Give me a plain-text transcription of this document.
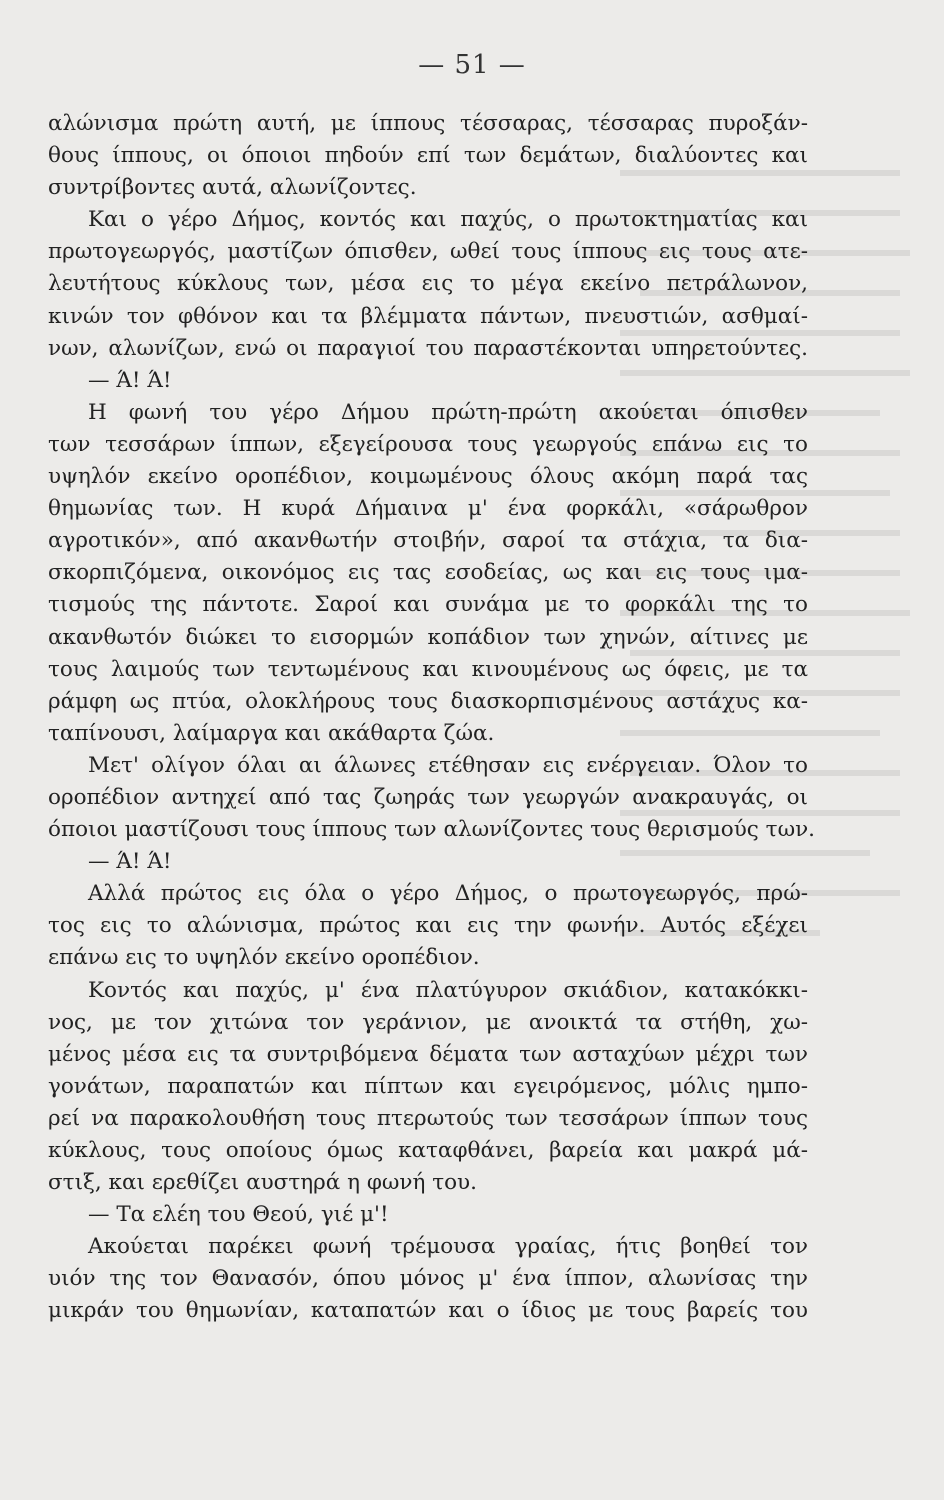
— 51 —
αλώνισμα πρώτη αυτή, με ίππους τέσσαρας, τέσσαρας πυροξάν-
θους ίππους, οι όποιοι πηδούν επί των δεμάτων, διαλύοντες και
συντρίβοντες αυτά, αλωνίζοντες.
Και ο γέρο Δήμος, κοντός και παχύς, ο πρωτοκτηματίας και
πρωτογεωργός, μαστίζων όπισθεν, ωθεί τους ίππους εις τους ατε-
λευτήτους κύκλους των, μέσα εις το μέγα εκείνο πετράλωνον,
κινών τον φθόνον και τα βλέμματα πάντων, πνευστιών, ασθμαί-
νων, αλωνίζων, ενώ οι παραγιοί του παραστέκονται υπηρετούντες.
— Ά! Ά!
Η φωνή του γέρο Δήμου πρώτη-πρώτη ακούεται όπισθεν
των τεσσάρων ίππων, εξεγείρουσα τους γεωργούς επάνω εις το
υψηλόν εκείνο οροπέδιον, κοιμωμένους όλους ακόμη παρά τας
θημωνίας των. Η κυρά Δήμαινα μ' ένα φορκάλι, «σάρωθρον
αγροτικόν», από ακανθωτήν στοιβήν, σαροί τα στάχια, τα δια-
σκορπιζόμενα, οικονόμος εις τας εσοδείας, ως και εις τους ιμα-
τισμούς της πάντοτε. Σαροί και συνάμα με το φορκάλι της το
ακανθωτόν διώκει το εισορμών κοπάδιον των χηνών, αίτινες με
τους λαιμούς των τεντωμένους και κινουμένους ως όφεις, με τα
ράμφη ως πτύα, ολοκλήρους τους διασκορπισμένους αστάχυς κα-
ταπίνουσι, λαίμαργα και ακάθαρτα ζώα.
Μετ' ολίγον όλαι αι άλωνες ετέθησαν εις ενέργειαν. Όλον το
οροπέδιον αντηχεί από τας ζωηράς των γεωργών ανακραυγάς, οι
όποιοι μαστίζουσι τους ίππους των αλωνίζοντες τους θερισμούς των.
— Ά! Ά!
Αλλά πρώτος εις όλα ο γέρο Δήμος, ο πρωτογεωργός, πρώ-
τος εις το αλώνισμα, πρώτος και εις την φωνήν. Αυτός εξέχει
επάνω εις το υψηλόν εκείνο οροπέδιον.
Κοντός και παχύς, μ' ένα πλατύγυρον σκιάδιον, κατακόκκι-
νος, με τον χιτώνα τον γεράνιον, με ανοικτά τα στήθη, χω-
μένος μέσα εις τα συντριβόμενα δέματα των ασταχύων μέχρι των
γονάτων, παραπατών και πίπτων και εγειρόμενος, μόλις ημπο-
ρεί να παρακολουθήση τους πτερωτούς των τεσσάρων ίππων τους
κύκλους, τους οποίους όμως καταφθάνει, βαρεία και μακρά μά-
στιξ, και ερεθίζει αυστηρά η φωνή του.
— Τα ελέη του Θεού, γιέ μ'!
Ακούεται παρέκει φωνή τρέμουσα γραίας, ήτις βοηθεί τον
υιόν της τον Θανασόν, όπου μόνος μ' ένα ίππον, αλωνίσας την
μικράν του θημωνίαν, καταπατών και ο ίδιος με τους βαρείς του
